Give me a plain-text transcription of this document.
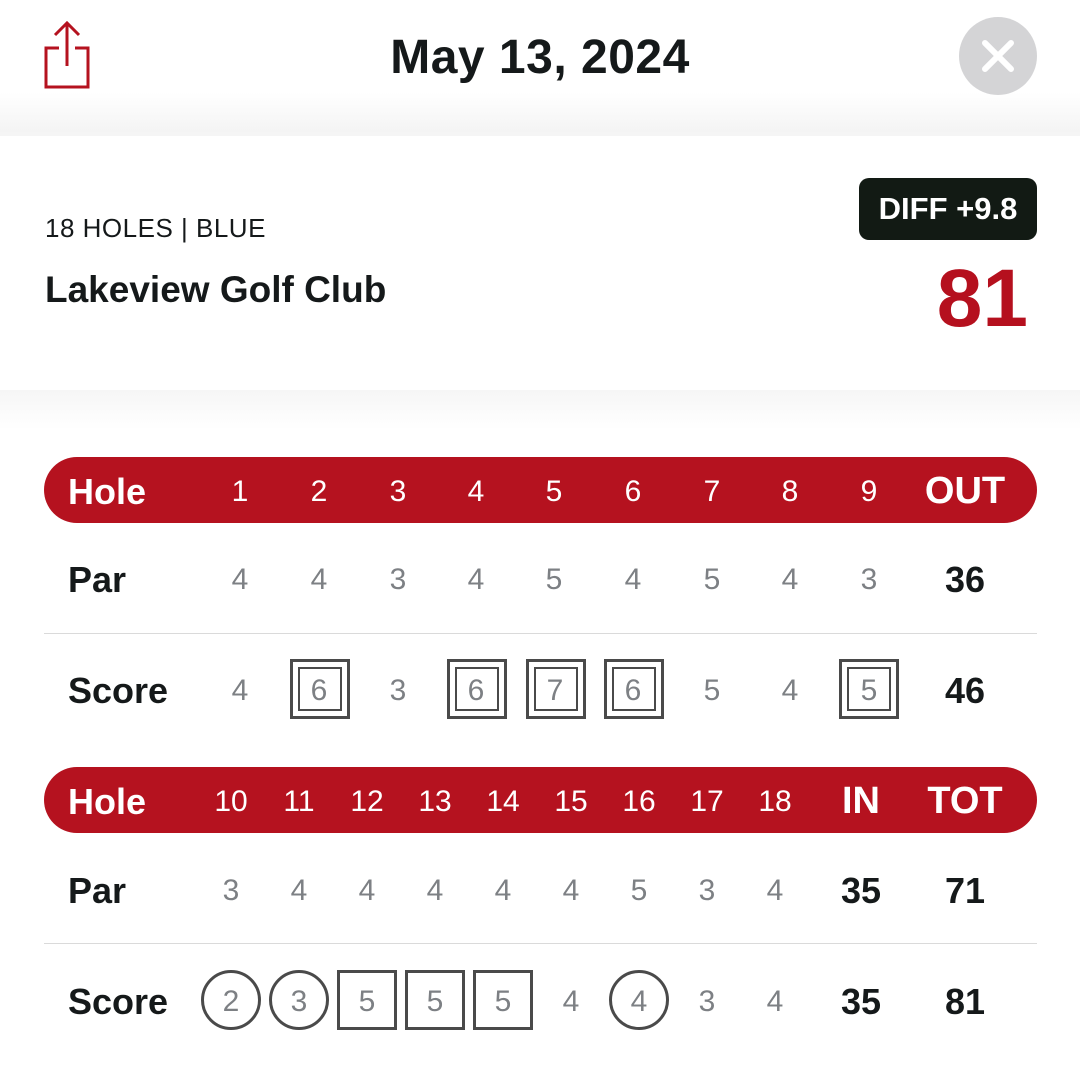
May 13, 2024
18 HOLES | BLUE
Lakeview Golf Club
DIFF +9.8
81
Hole	1 2 3 4 5 6 7 8 9 OUT
Par	4 4 3 4 5 4 5 4 3 36
Score 4 6 3 6 7 6 5 4 5 46
Hole 10 11 12 13 14 15 16 17 18 IN TOT
Par	3 4 4 4 4 4 5 3 4 35 71
Score 2 3 5 5 5 4 4 3 4 35 81
